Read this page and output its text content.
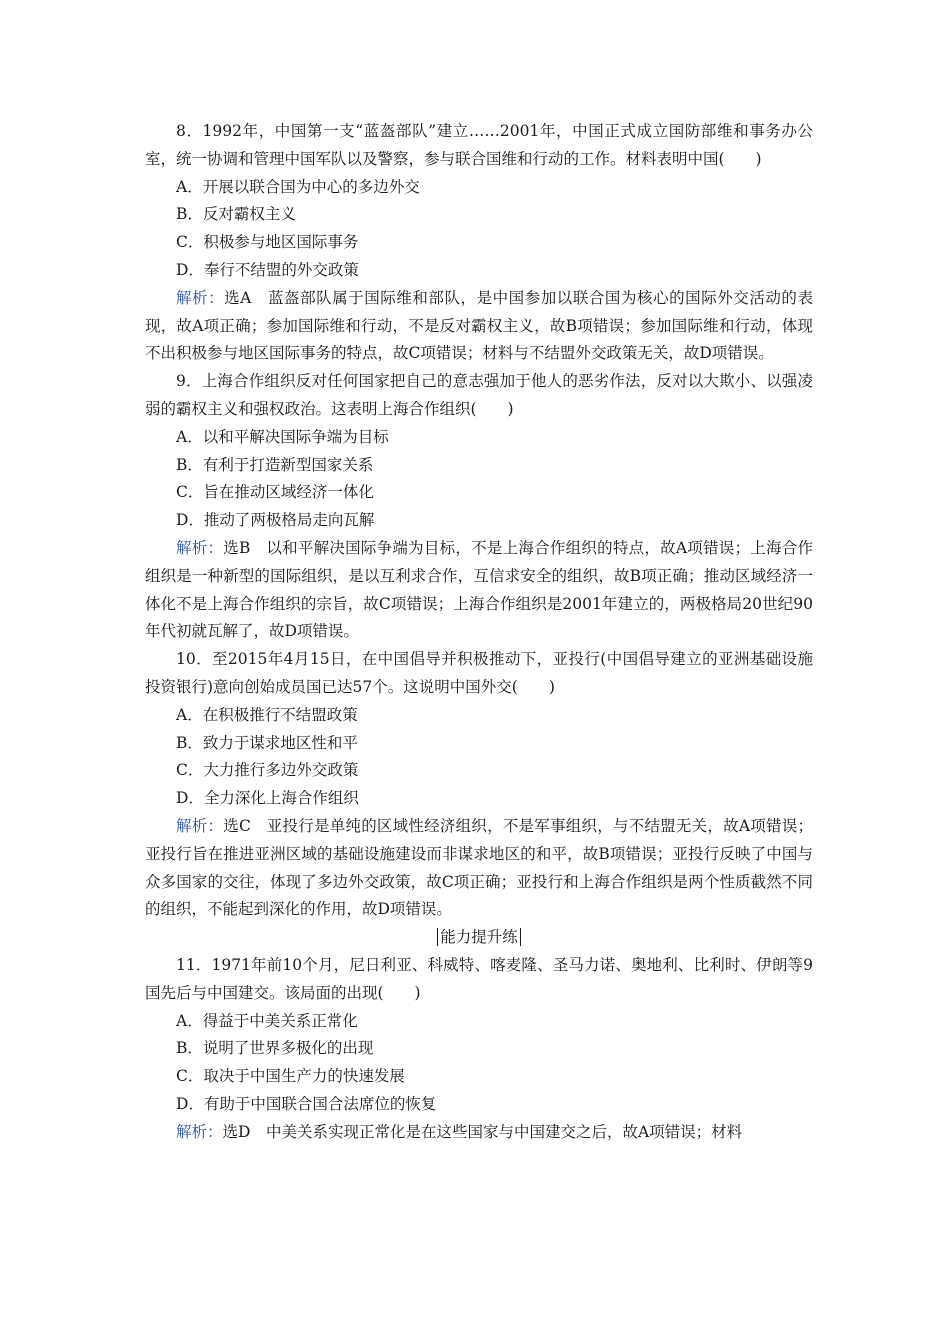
8．1992年，中国第一支“蓝盔部队”建立……2001年，中国正式成立国防部维和事务办公室，统一协调和管理中国军队以及警察，参与联合国维和行动的工作。材料表明中国(　　)

A．开展以联合国为中心的多边外交

B．反对霸权主义

C．积极参与地区国际事务

D．奉行不结盟的外交政策

解析：选A　蓝盔部队属于国际维和部队，是中国参加以联合国为核心的国际外交活动的表现，故A项正确；参加国际维和行动，不是反对霸权主义，故B项错误；参加国际维和行动，体现不出积极参与地区国际事务的特点，故C项错误；材料与不结盟外交政策无关，故D项错误。

9．上海合作组织反对任何国家把自己的意志强加于他人的恶劣作法，反对以大欺小、以强凌弱的霸权主义和强权政治。这表明上海合作组织(　　)

A．以和平解决国际争端为目标

B．有利于打造新型国家关系

C．旨在推动区域经济一体化

D．推动了两极格局走向瓦解

解析：选B　以和平解决国际争端为目标，不是上海合作组织的特点，故A项错误；上海合作组织是一种新型的国际组织，是以互利求合作，互信求安全的组织，故B项正确；推动区域经济一体化不是上海合作组织的宗旨，故C项错误；上海合作组织是2001年建立的，两极格局20世纪90年代初就瓦解了，故D项错误。

10．至2015年4月15日，在中国倡导并积极推动下，亚投行(中国倡导建立的亚洲基础设施投资银行)意向创始成员国已达57个。这说明中国外交(　　)

A．在积极推行不结盟政策

B．致力于谋求地区性和平

C．大力推行多边外交政策

D．全力深化上海合作组织

解析：选C　亚投行是单纯的区域性经济组织，不是军事组织，与不结盟无关，故A项错误；亚投行旨在推进亚洲区域的基础设施建设而非谋求地区的和平，故B项错误；亚投行反映了中国与众多国家的交往，体现了多边外交政策，故C项正确；亚投行和上海合作组织是两个性质截然不同的组织，不能起到深化的作用，故D项错误。

能力提升练

11．1971年前10个月，尼日利亚、科威特、喀麦隆、圣马力诺、奥地利、比利时、伊朗等9国先后与中国建交。该局面的出现(　　)

A．得益于中美关系正常化

B．说明了世界多极化的出现

C．取决于中国生产力的快速发展

D．有助于中国联合国合法席位的恢复

解析：选D　中美关系实现正常化是在这些国家与中国建交之后，故A项错误；材料
